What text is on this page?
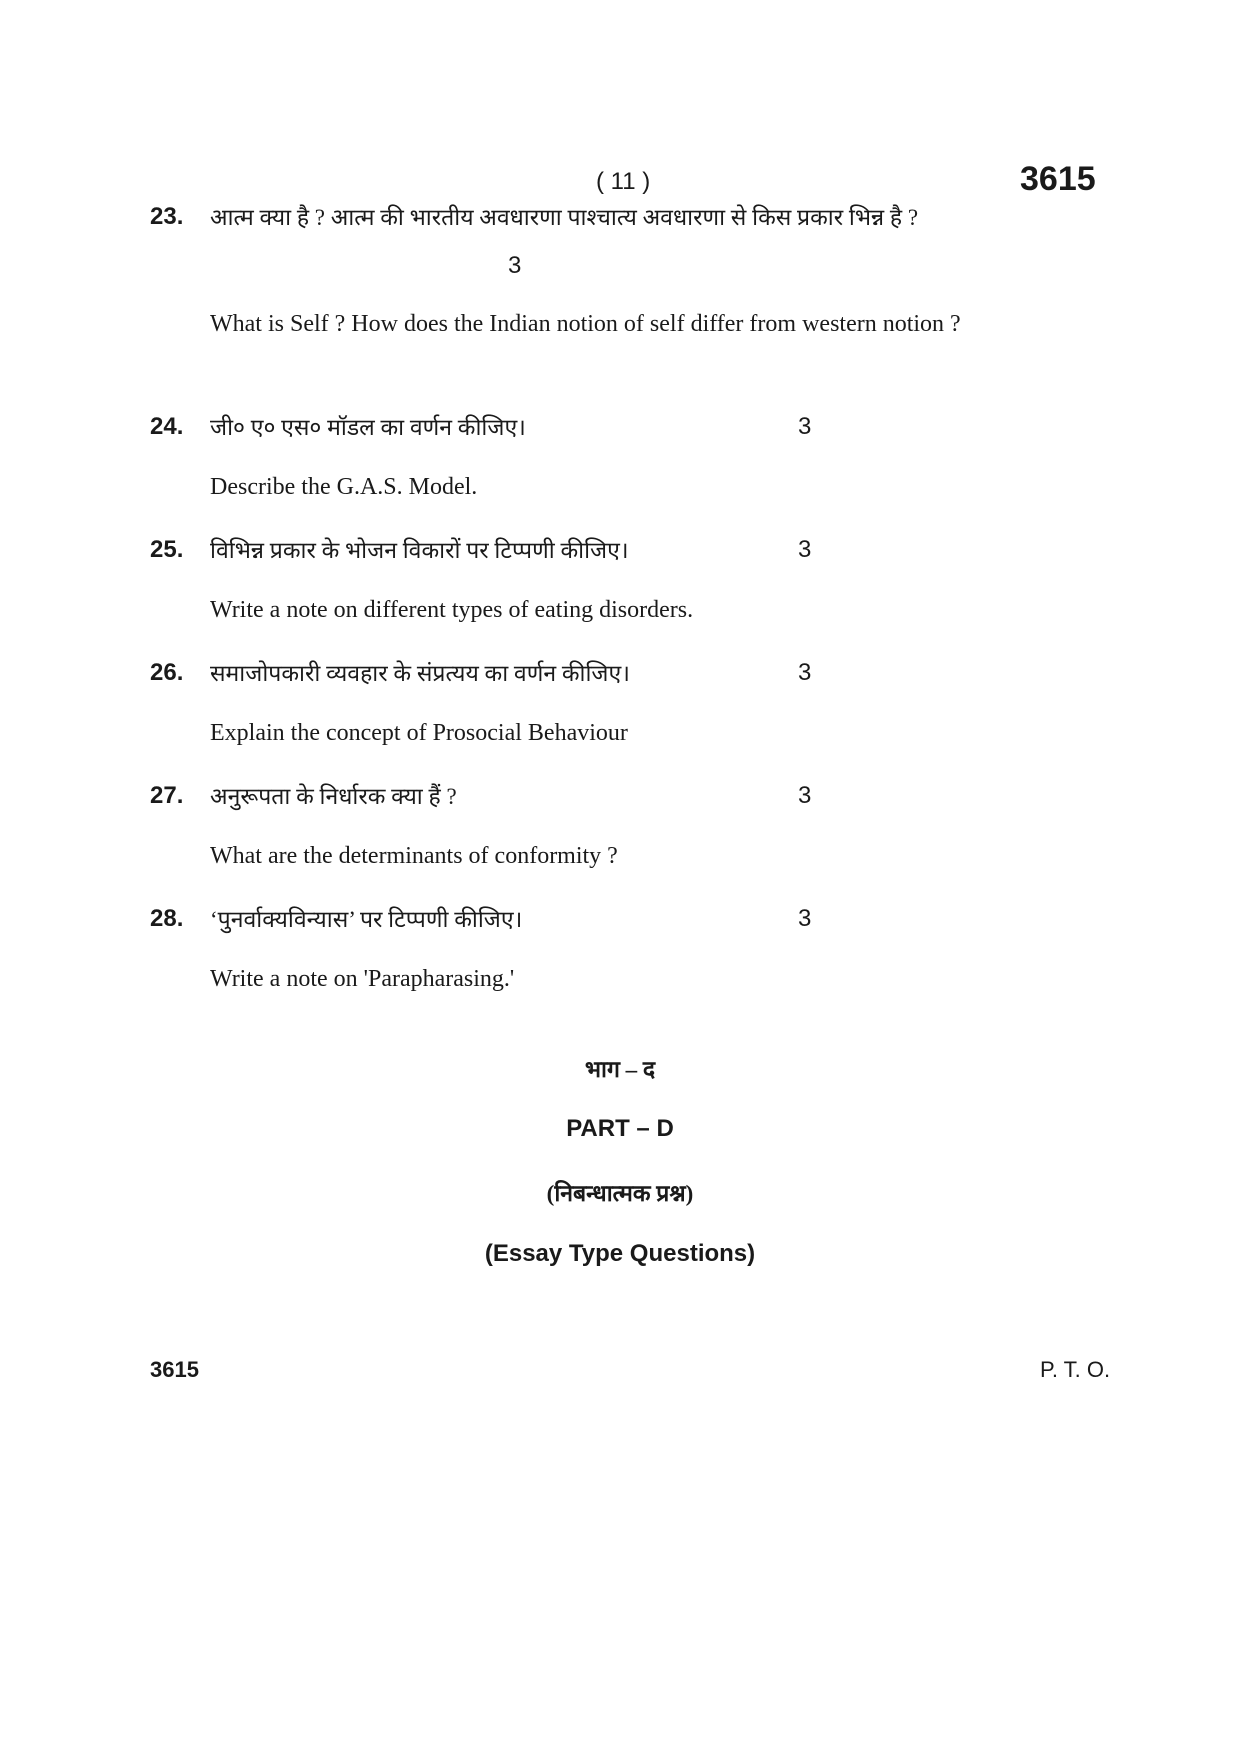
( 11 )	3615
23. आत्म क्या है ? आत्म की भारतीय अवधारणा पाश्चात्य अवधारणा से किस प्रकार भिन्न है ?
3
What is Self ? How does the Indian notion of self differ from western notion ?
24. जी० ए० एस० मॉडल का वर्णन कीजिए।	3
Describe the G.A.S. Model.
25. विभिन्न प्रकार के भोजन विकारों पर टिप्पणी कीजिए।	3
Write a note on different types of eating disorders.
26. समाजोपकारी व्यवहार के संप्रत्यय का वर्णन कीजिए।	3
Explain the concept of Prosocial Behaviour
27. अनुरूपता के निर्धारक क्या हैं ?	3
What are the determinants of conformity ?
28. ‘पुनर्वाक्यविन्यास’ पर टिप्पणी कीजिए।	3
Write a note on 'Parapharasing.'
भाग – द
PART – D
(निबन्धात्मक प्रश्न)
(Essay Type Questions)
3615	P. T. O.
